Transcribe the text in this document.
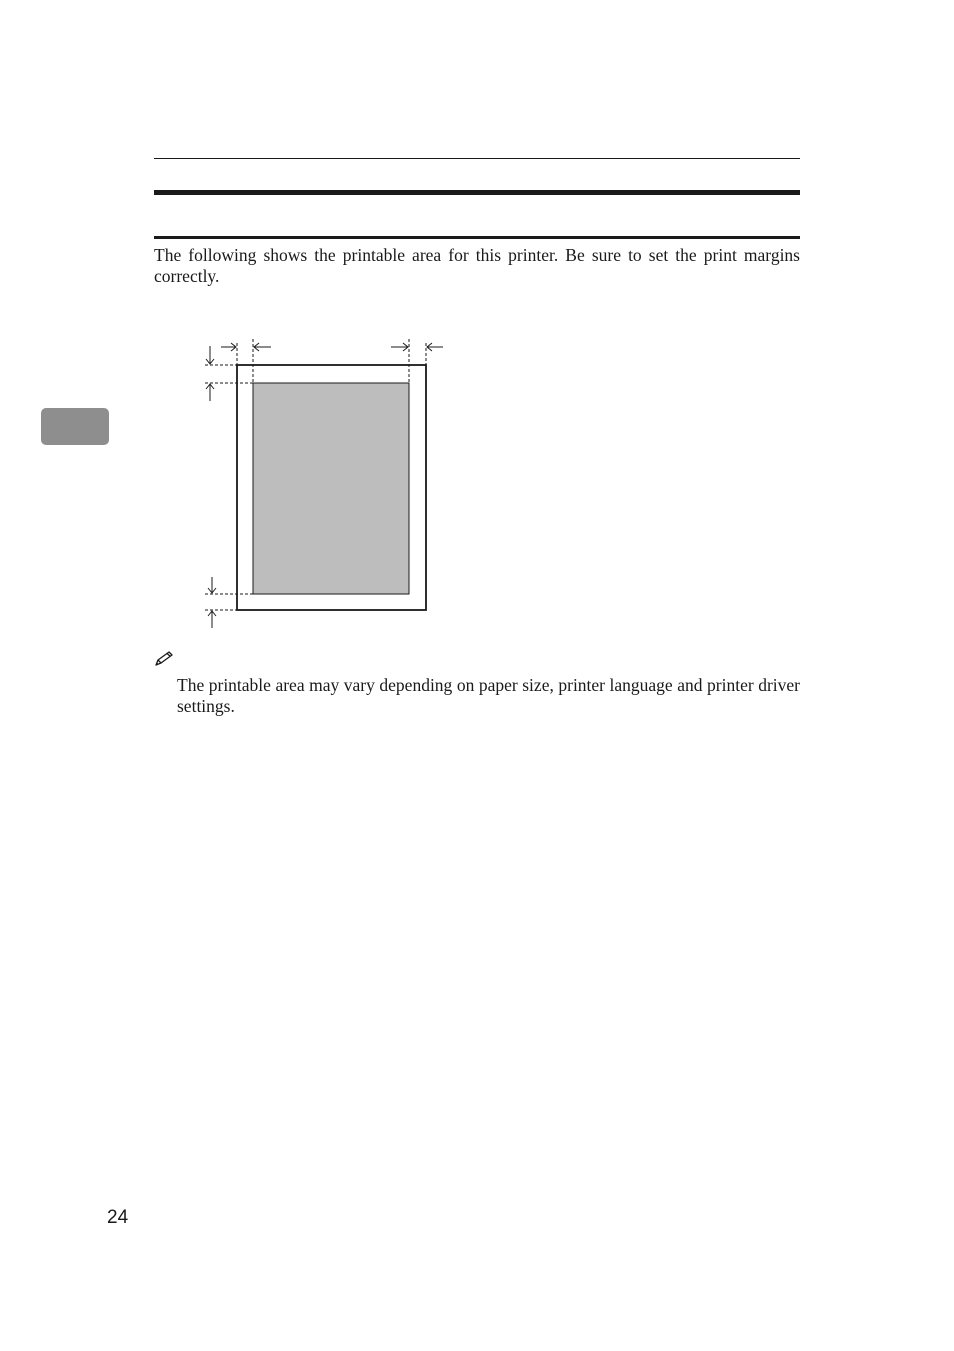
The following shows the printable area for this printer. Be sure to set the print margins correctly.

The printable area may vary depending on paper size, printer language and printer driver settings.

24
